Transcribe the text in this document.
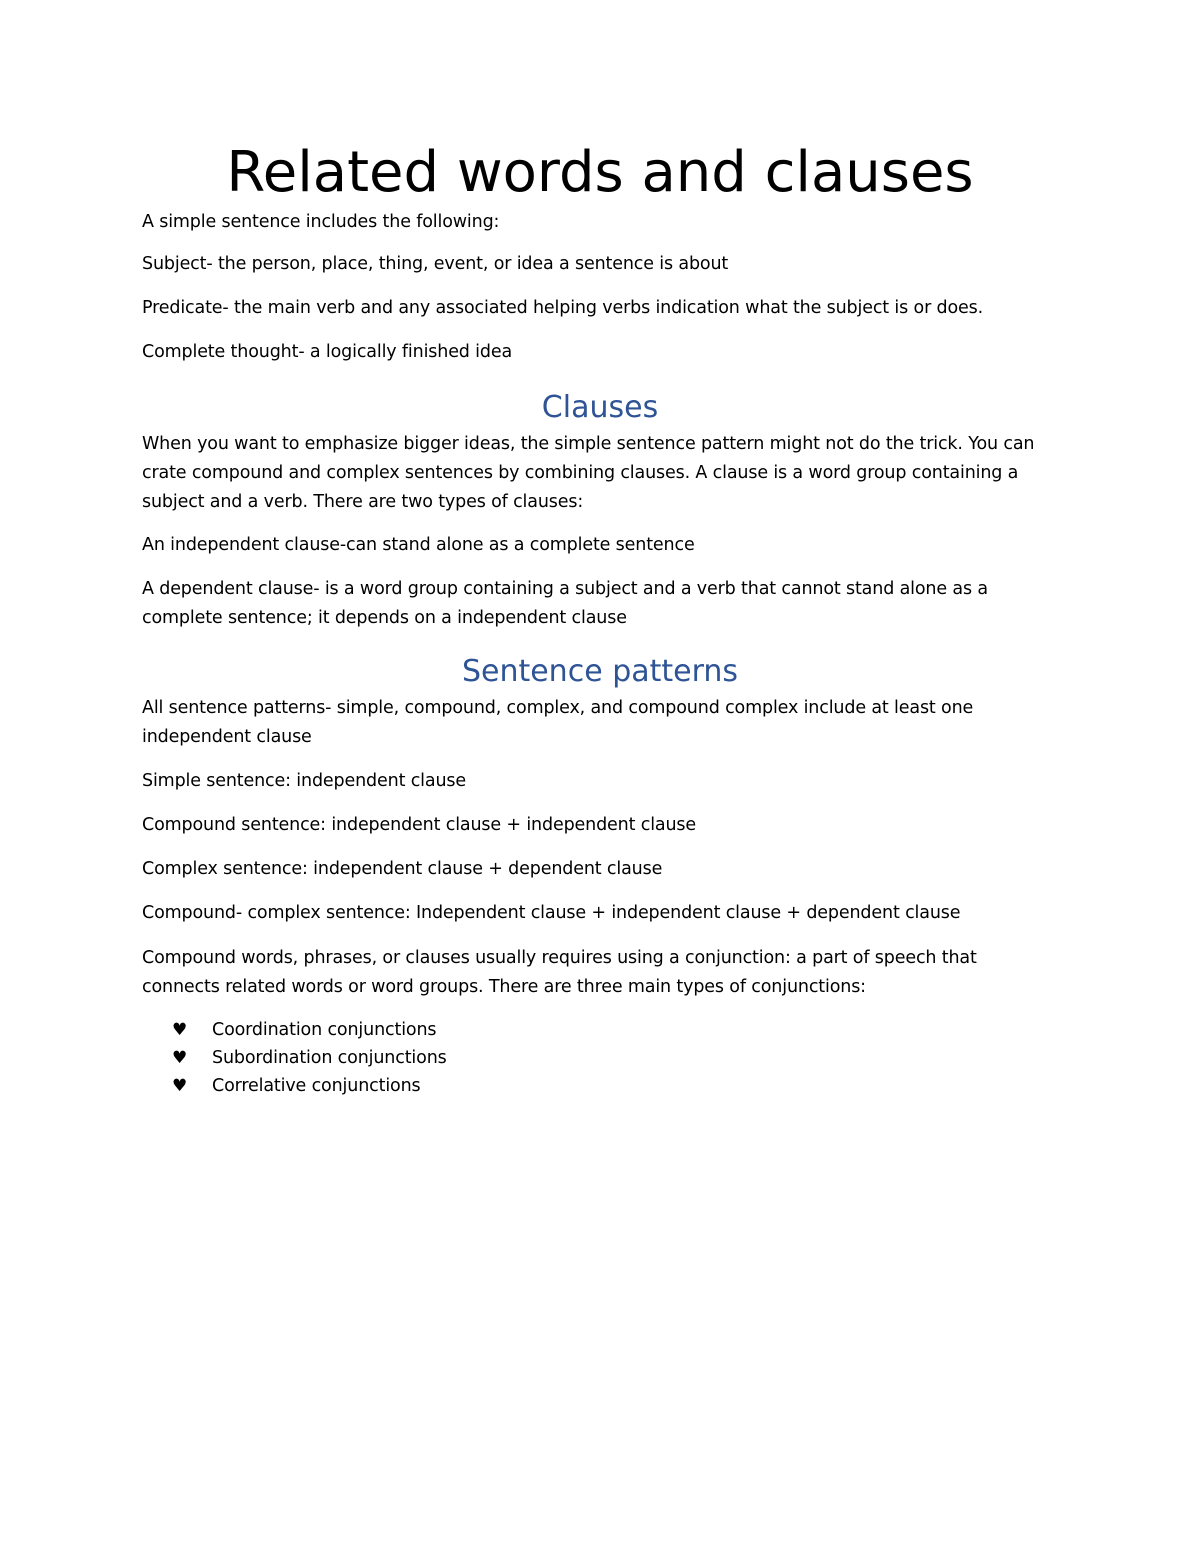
Related words and clauses

A simple sentence includes the following:

Subject- the person, place, thing, event, or idea a sentence is about

Predicate- the main verb and any associated helping verbs indication what the subject is or does.

Complete thought- a logically finished idea

Clauses

When you want to emphasize bigger ideas, the simple sentence pattern might not do the trick. You can

crate compound and complex sentences by combining clauses. A clause is a word group containing a

subject and a verb. There are two types of clauses:

An independent clause-can stand alone as a complete sentence

A dependent clause- is a word group containing a subject and a verb that cannot stand alone as a

complete sentence; it depends on a independent clause

Sentence patterns

All sentence patterns- simple, compound, complex, and compound complex include at least one

independent clause

Simple sentence: independent clause

Compound sentence: independent clause + independent clause

Complex sentence: independent clause + dependent clause

Compound- complex sentence: Independent clause + independent clause + dependent clause

Compound words, phrases, or clauses usually requires using a conjunction: a part of speech that

connects related words or word groups. There are three main types of conjunctions:

♥	Coordination conjunctions
♥	Subordination conjunctions
♥	Correlative conjunctions
